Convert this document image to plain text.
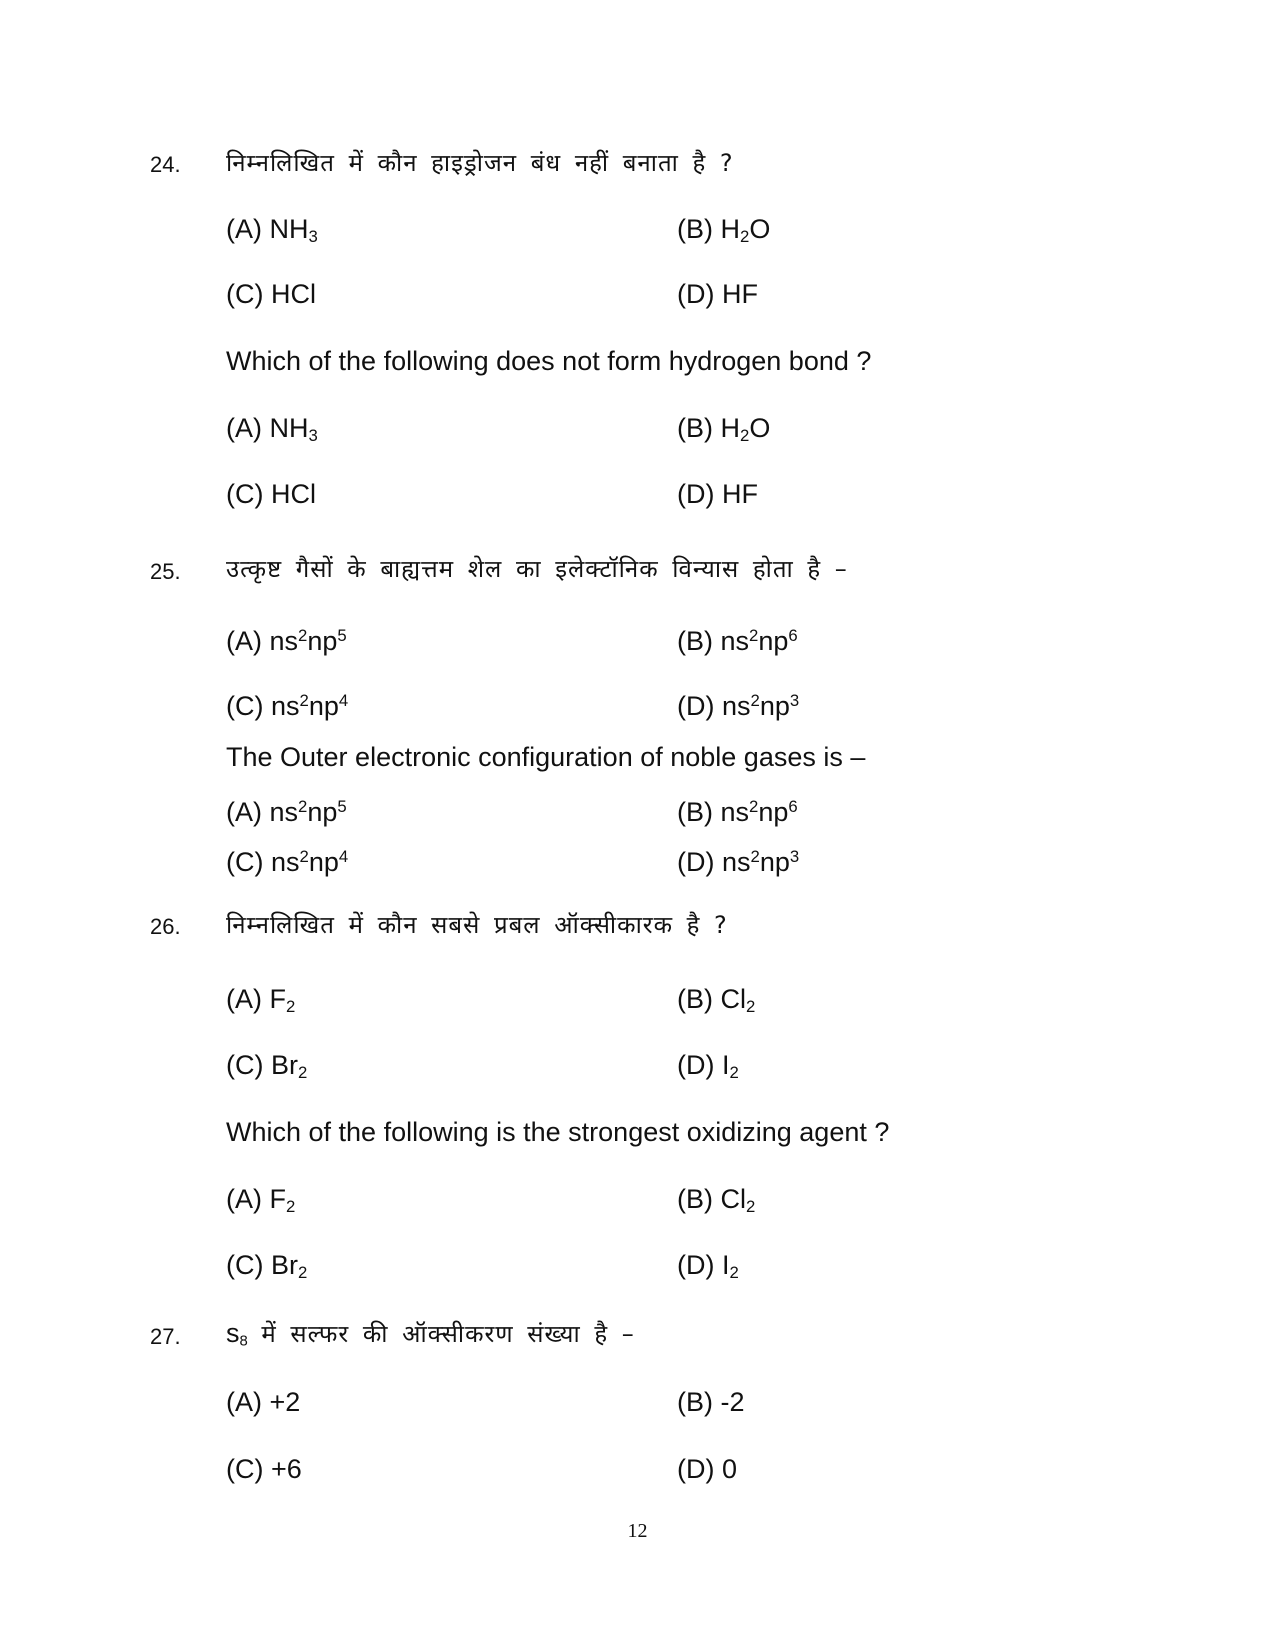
24. निम्नलिखित में कौन हाइड्रोजन बंध नहीं बनाता है ?
(A) $NH_3$	(B) $H_2O$
(C) HCl	(D) HF
Which of the following does not form hydrogen bond ?
(A) $NH_3$	(B) $H_2O$
(C) HCl	(D) HF
25. उत्कृष्ट गैसों के बाह्यत्तम शेल का इलेक्टॉनिक विन्यास होता है –
(A) $ns^2np^5$	(B) $ns^2np^6$
(C) $ns^2np^4$	(D) $ns^2np^3$
The Outer electronic configuration of noble gases is –
(A) $ns^2np^5$	(B) $ns^2np^6$
(C) $ns^2np^4$	(D) $ns^2np^3$
26. निम्नलिखित में कौन सबसे प्रबल ऑक्सीकारक है ?
(A) $F_2$	(B) $Cl_2$
(C) $Br_2$	(D) $I_2$
Which of the following is the strongest oxidizing agent ?
(A) $F_2$	(B) $Cl_2$
(C) $Br_2$	(D) $I_2$
27. $s_8$ में सल्फर की ऑक्सीकरण संख्या है –
(A) +2	(B) -2
(C) +6	(D) 0
12
